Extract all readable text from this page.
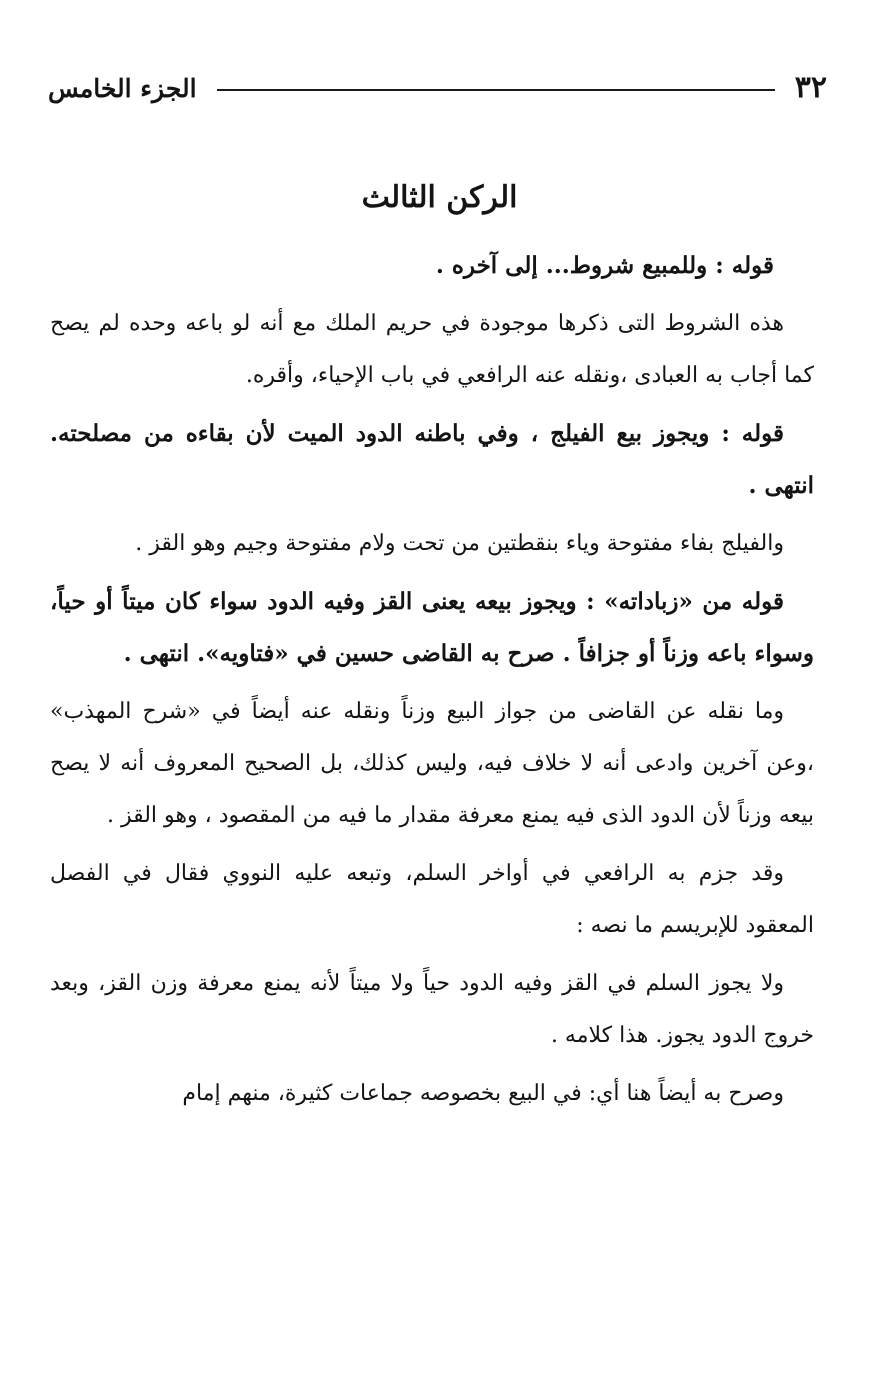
٣٢
الجزء الخامس
الركن الثالث

قوله : وللمبيع شروط... إلى آخره .

هذه الشروط التى ذكرها موجودة في حريم الملك مع أنه لو باعه وحده لم يصح كما أجاب به العبادى ،ونقله عنه الرافعي في باب الإحياء، وأقره.

قوله : ويجوز بيع الفيلج ، وفي باطنه الدود الميت لأن بقاءه من مصلحته. انتهى .

والفيلج بفاء مفتوحة وياء بنقطتين من تحت ولام مفتوحة وجيم وهو القز .

قوله من «زباداته» : ويجوز بيعه يعنى القز وفيه الدود سواء كان ميتاً أو حياً، وسواء باعه وزناً أو جزافاً . صرح به القاضى حسين في «فتاويه». انتهى .

وما نقله عن القاضى من جواز البيع وزناً ونقله عنه أيضاً في «شرح المهذب» ،وعن آخرين وادعى أنه لا خلاف فيه، وليس كذلك، بل الصحيح المعروف أنه لا يصح بيعه وزناً لأن الدود الذى فيه يمنع معرفة مقدار ما فيه من المقصود ، وهو القز .

وقد جزم به الرافعي في أواخر السلم، وتبعه عليه النووي فقال في الفصل المعقود للإبريسم ما نصه :

ولا يجوز السلم في القز وفيه الدود حياً ولا ميتاً لأنه يمنع معرفة وزن القز، وبعد خروج الدود يجوز. هذا كلامه .

وصرح به أيضاً هنا أي: في البيع بخصوصه جماعات كثيرة، منهم إمام
